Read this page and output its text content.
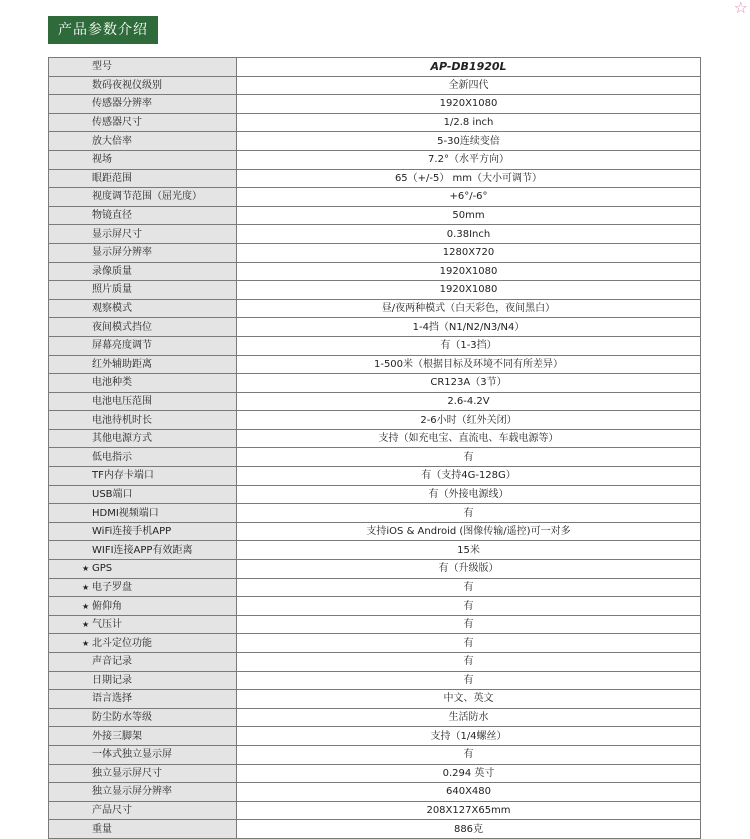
产品参数介绍
☆
型号	AP-DB1920L
数码夜视仪级别	全新四代
传感器分辨率	1920X1080
传感器尺寸	1/2.8 inch
放大倍率	5-30连续变倍
视场	7.2°（水平方向）
眼距范围	65（+/-5） mm（大小可调节）
视度调节范围（屈光度）	+6°/-6°
物镜直径	50mm
显示屏尺寸	0.38Inch
显示屏分辨率	1280X720
录像质量	1920X1080
照片质量	1920X1080
观察模式	昼/夜两种模式（白天彩色，夜间黑白）
夜间模式挡位	1-4挡（N1/N2/N3/N4）
屏幕亮度调节	有（1-3挡）
红外辅助距离	1-500米（根据目标及环境不同有所差异）
电池种类	CR123A（3节）
电池电压范围	2.6-4.2V
电池待机时长	2-6小时（红外关闭）
其他电源方式	支持（如充电宝、直流电、车载电源等）
低电指示	有
TF内存卡端口	有（支持4G-128G）
USB端口	有（外接电源线）
HDMI视频端口	有
WiFi连接手机APP	支持iOS & Android (图像传输/遥控)可一对多
WIFI连接APP有效距离	15米
★ GPS	有（升级版）
★ 电子罗盘	有
★ 俯仰角	有
★ 气压计	有
★ 北斗定位功能	有
声音记录	有
日期记录	有
语言选择	中文、英文
防尘防水等级	生活防水
外接三脚架	支持（1/4螺丝）
一体式独立显示屏	有
独立显示屏尺寸	0.294 英寸
独立显示屏分辨率	640X480
产品尺寸	208X127X65mm
重量	886克
